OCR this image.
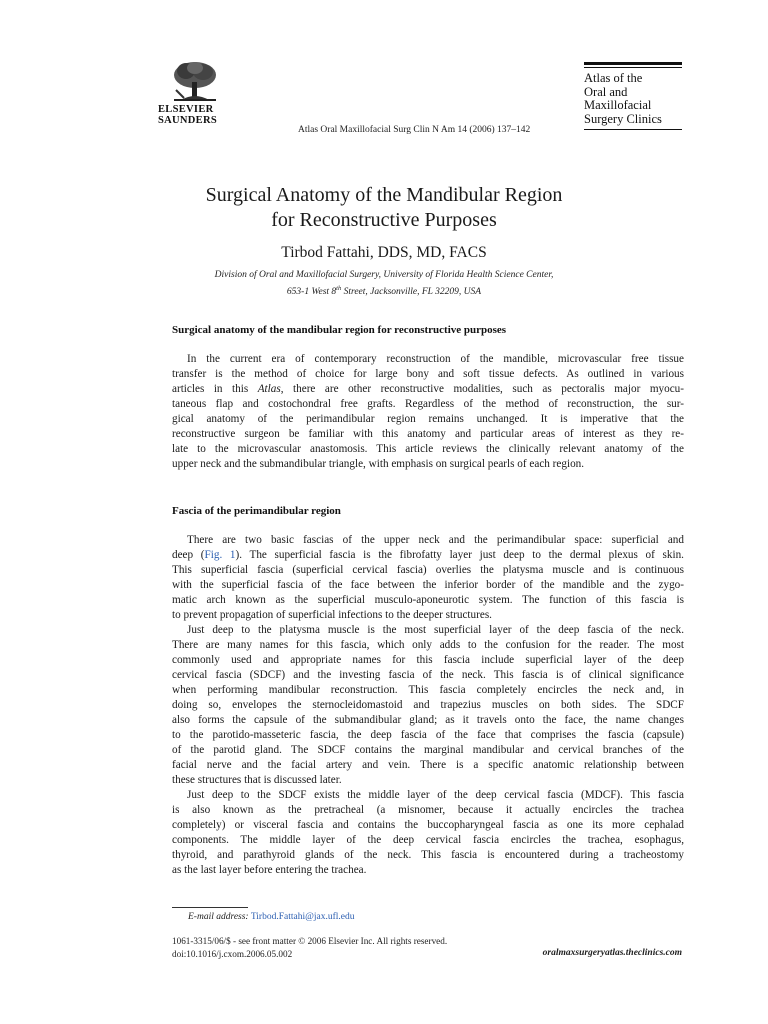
ELSEVIER
SAUNDERS
Atlas Oral Maxillofacial Surg Clin N Am 14 (2006) 137–142
Atlas of the
Oral and
Maxillofacial
Surgery Clinics
Surgical Anatomy of the Mandibular Region
for Reconstructive Purposes
Tirbod Fattahi, DDS, MD, FACS
Division of Oral and Maxillofacial Surgery, University of Florida Health Science Center,
653-1 West 8th Street, Jacksonville, FL 32209, USA
Surgical anatomy of the mandibular region for reconstructive purposes
In the current era of contemporary reconstruction of the mandible, microvascular free tissue
transfer is the method of choice for large bony and soft tissue defects. As outlined in various
articles in this Atlas, there are other reconstructive modalities, such as pectoralis major myocu-
taneous flap and costochondral free grafts. Regardless of the method of reconstruction, the sur-
gical anatomy of the perimandibular region remains unchanged. It is imperative that the
reconstructive surgeon be familiar with this anatomy and particular areas of interest as they re-
late to the microvascular anastomosis. This article reviews the clinically relevant anatomy of the
upper neck and the submandibular triangle, with emphasis on surgical pearls of each region.
Fascia of the perimandibular region
There are two basic fascias of the upper neck and the perimandibular space: superficial and
deep (Fig. 1). The superficial fascia is the fibrofatty layer just deep to the dermal plexus of skin.
This superficial fascia (superficial cervical fascia) overlies the platysma muscle and is continuous
with the superficial fascia of the face between the inferior border of the mandible and the zygo-
matic arch known as the superficial musculo-aponeurotic system. The function of this fascia is
to prevent propagation of superficial infections to the deeper structures.
Just deep to the platysma muscle is the most superficial layer of the deep fascia of the neck.
There are many names for this fascia, which only adds to the confusion for the reader. The most
commonly used and appropriate names for this fascia include superficial layer of the deep
cervical fascia (SDCF) and the investing fascia of the neck. This fascia is of clinical significance
when performing mandibular reconstruction. This fascia completely encircles the neck and, in
doing so, envelopes the sternocleidomastoid and trapezius muscles on both sides. The SDCF
also forms the capsule of the submandibular gland; as it travels onto the face, the name changes
to the parotido-masseteric fascia, the deep fascia of the face that comprises the fascia (capsule)
of the parotid gland. The SDCF contains the marginal mandibular and cervical branches of the
facial nerve and the facial artery and vein. There is a specific anatomic relationship between
these structures that is discussed later.
Just deep to the SDCF exists the middle layer of the deep cervical fascia (MDCF). This fascia
is also known as the pretracheal (a misnomer, because it actually encircles the trachea
completely) or visceral fascia and contains the buccopharyngeal fascia as one its more cephalad
components. The middle layer of the deep cervical fascia encircles the trachea, esophagus,
thyroid, and parathyroid glands of the neck. This fascia is encountered during a tracheostomy
as the last layer before entering the trachea.
E-mail address: Tirbod.Fattahi@jax.ufl.edu
1061-3315/06/$ - see front matter © 2006 Elsevier Inc. All rights reserved.
doi:10.1016/j.cxom.2006.05.002	oralmaxsurgeryatlas.theclinics.com
